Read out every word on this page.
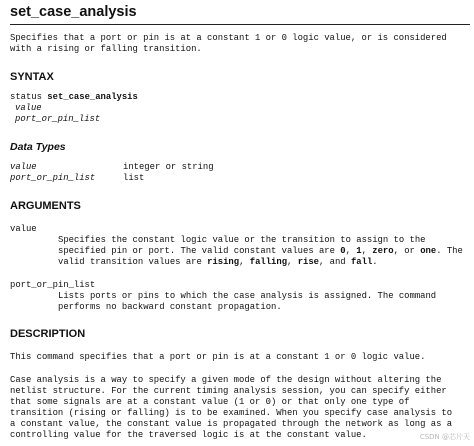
set_case_analysis
Specifies that a port or pin is at a constant 1 or 0 logic value, or is considered
with a rising or falling transition.
SYNTAX
status set_case_analysis
value
port_or_pin_list
Data Types
value	integer or string
port_or_pin_list	list
ARGUMENTS
value
Specifies the constant logic value or the transition to assign to the
specified pin or port. The valid constant values are 0, 1, zero, or one. The
valid transition values are rising, falling, rise, and fall.
port_or_pin_list
Lists ports or pins to which the case analysis is assigned. The command
performs no backward constant propagation.
DESCRIPTION
This command specifies that a port or pin is at a constant 1 or 0 logic value.
Case analysis is a way to specify a given mode of the design without altering the
netlist structure. For the current timing analysis session, you can specify either
that some signals are at a constant value (1 or 0) or that only one type of
transition (rising or falling) is to be examined. When you specify case analysis to
a constant value, the constant value is propagated through the network as long as a
controlling value for the traversed logic is at the constant value.	CSDN @芯片天
